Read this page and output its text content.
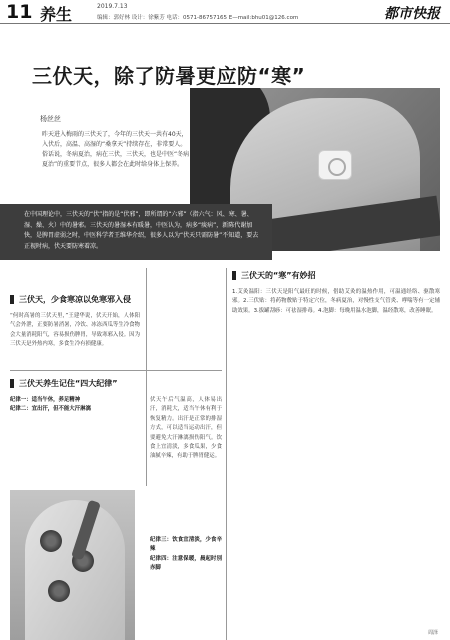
11 养生	2019.7.13
编辑：郭好林 设计：徐紫芳 电话：0571-86757165 E—mail:bhu01@126.com	都市快报
三伏天，除了防暑更应防“寒”
杨丝丝
昨天进入梅雨的三伏天了，今年的三伏天一共有40天，入伏后，高温、高湿的“桑拿天”持续存在，非常要人。俗话说，冬病夏治，病在三伏，三伏天，也是中医“冬病夏治”的重要节点，很多人都会在此时给身体上保养。
在中国理论中，三伏天的“伏”指的是“伏邪”，即所谓的“六邪”（指六气：风、寒、暑、湿、燥、火）中的暑邪。三伏天的暑湿本有暖暑，中医认为，病多“痰病”，新陈代谢加快，是脾胃虚弱之时，中医科学者王维华介绍，很多人以为“伏天只需防暑”不知道，要去正视时病，伏天要防寒着凉。
三伏天，少食寒凉以免寒邪入侵
“何时高暑的三伏天里，”王建华说，伏天开始，人体阳气会外泄，正要防暑消暑，冷饮、冰冻西瓜等生冷食物会大量消耗阳气，容易损伤脾胃，导致寒邪入侵。因为三伏天是外热内寒，多食生冷有损健康。
三伏天养生记住“四大纪律”
纪律一：适当午休，养足精神
纪律二：宜出汗，但不能大汗淋漓
伏天午后气温高，人体易出汗，消耗大，适当午休有利于恢复精力。出汗是正常的排湿方式，可以适当运动出汗，但要避免大汗淋漓损伤阳气。饮食上宜清淡，多食瓜果，少食油腻辛辣，有助于脾胃健运。
纪律三：饮食宜清淡，少食辛辣
纪律四：注意保暖，晨起时别赤脚
三伏天的“寒”有妙招
1.艾灸温阳：三伏天是阳气最旺的时候，借助艾灸的温热作用，可温通经络、驱散寒邪。2.三伏贴：将药物敷贴于特定穴位，冬病夏治，对慢性支气管炎、哮喘等有一定辅助效果。3.拔罐刮痧：可祛湿排毒。4.泡脚：每晚用温水泡脚，温经散寒，改善睡眠。
周泽
